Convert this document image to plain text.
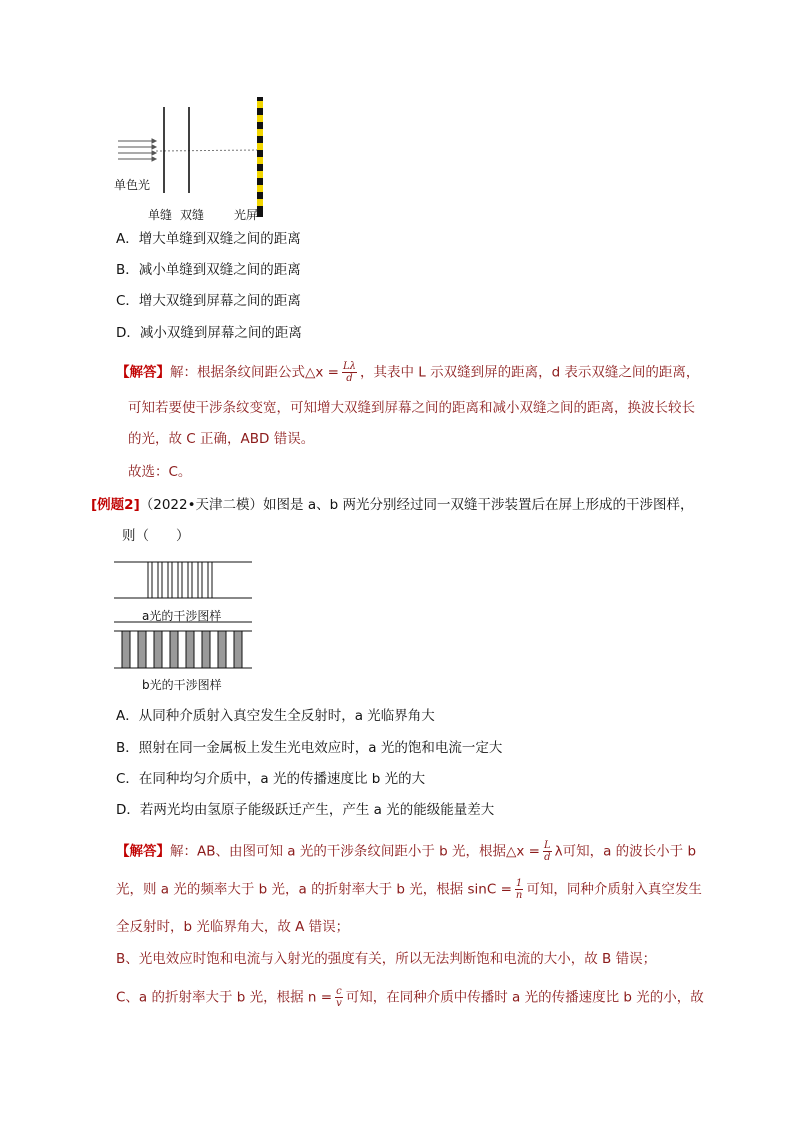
单色光
单缝 双缝 光屏
A．增大单缝到双缝之间的距离
B．减小单缝到双缝之间的距离
C．增大双缝到屏幕之间的距离
D．减小双缝到屏幕之间的距离
【解答】解：根据条纹间距公式△x = $\frac{L\lambda}{d}$ ，其表中 L 示双缝到屏的距离，d 表示双缝之间的距离，
可知若要使干涉条纹变宽，可知增大双缝到屏幕之间的距离和减小双缝之间的距离，换波长较长
的光，故 C 正确，ABD 错误。
故选：C。
[例题2]（2022•天津二模）如图是 a、b 两光分别经过同一双缝干涉装置后在屏上形成的干涉图样，
则（　　）
a光的干涉图样
b光的干涉图样
A．从同种介质射入真空发生全反射时，a 光临界角大
B．照射在同一金属板上发生光电效应时，a 光的饱和电流一定大
C．在同种均匀介质中，a 光的传播速度比 b 光的大
D．若两光均由氢原子能级跃迁产生，产生 a 光的能级能量差大
【解答】解：AB、由图可知 a 光的干涉条纹间距小于 b 光，根据△x = $\frac{L}{d}$ λ可知，a 的波长小于 b
光，则 a 光的频率大于 b 光，a 的折射率大于 b 光，根据 $\sin C = \frac{1}{n}$ 可知，同种介质射入真空发生
全反射时，b 光临界角大，故 A 错误；
B、光电效应时饱和电流与入射光的强度有关，所以无法判断饱和电流的大小，故 B 错误；
C、a 的折射率大于 b 光，根据 $n = \frac{c}{v}$ 可知，在同种介质中传播时 a 光的传播速度比 b 光的小，故
